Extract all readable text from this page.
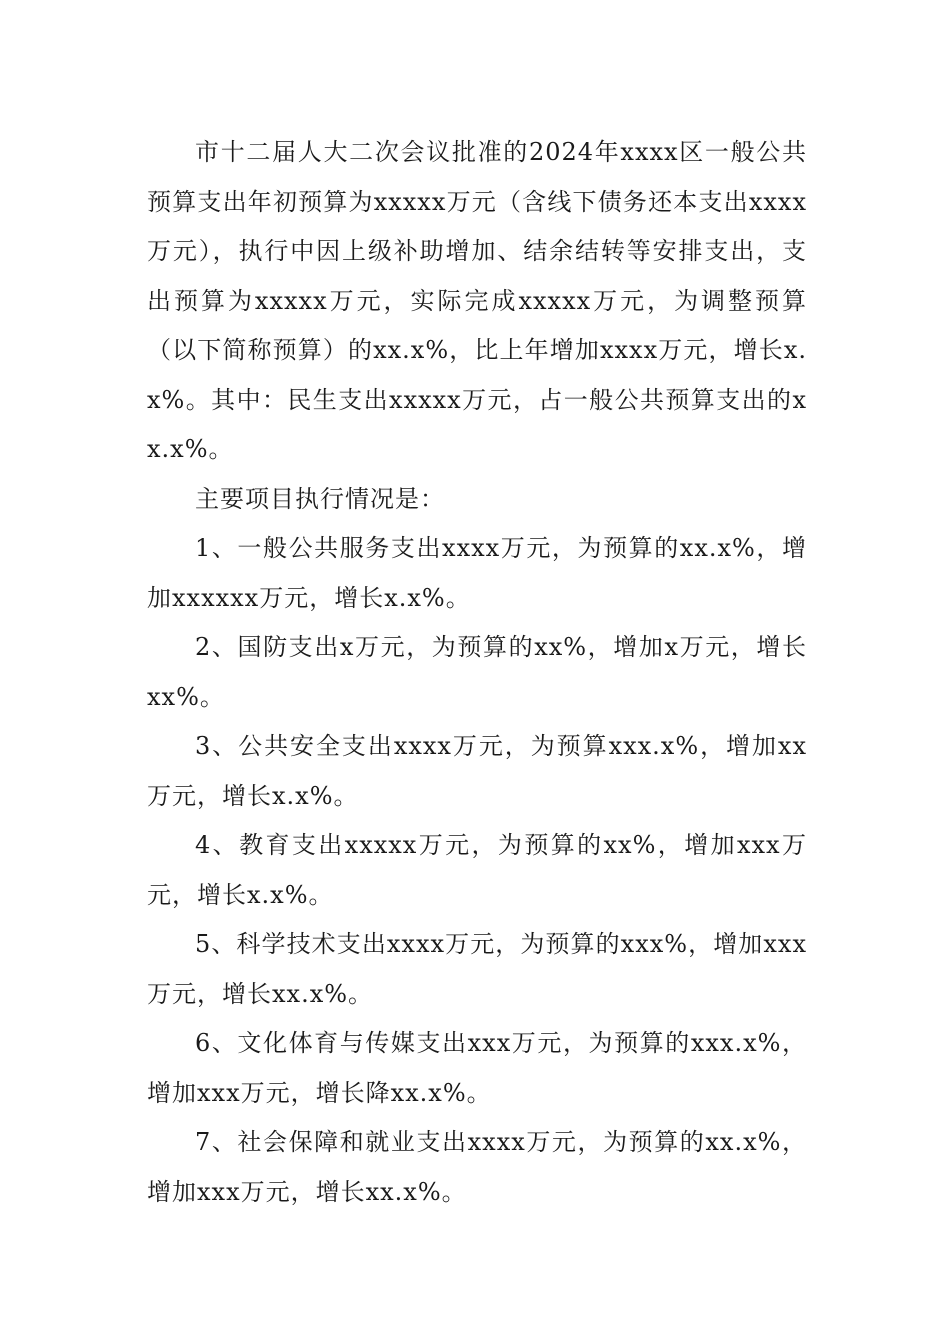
市十二届人大二次会议批准的2024年xxxx区一般公共预算支出年初预算为xxxxx万元（含线下债务还本支出xxxx万元），执行中因上级补助增加、结余结转等安排支出，支出预算为xxxxx万元，实际完成xxxxx万元，为调整预算（以下简称预算）的xx.x%，比上年增加xxxx万元，增长x.x%。其中：民生支出xxxxx万元，占一般公共预算支出的xx.x%。

主要项目执行情况是：

1、一般公共服务支出xxxx万元，为预算的xx.x%，增加xxxxxx万元，增长x.x%。

2、国防支出x万元，为预算的xx%，增加x万元，增长xx%。

3、公共安全支出xxxx万元，为预算xxx.x%，增加xx万元，增长x.x%。

4、教育支出xxxxx万元，为预算的xx%，增加xxx万元，增长x.x%。

5、科学技术支出xxxx万元，为预算的xxx%，增加xxx万元，增长xx.x%。

6、文化体育与传媒支出xxx万元，为预算的xxx.x%，增加xxx万元，增长降xx.x%。

7、社会保障和就业支出xxxx万元，为预算的xx.x%，增加xxx万元，增长xx.x%。
